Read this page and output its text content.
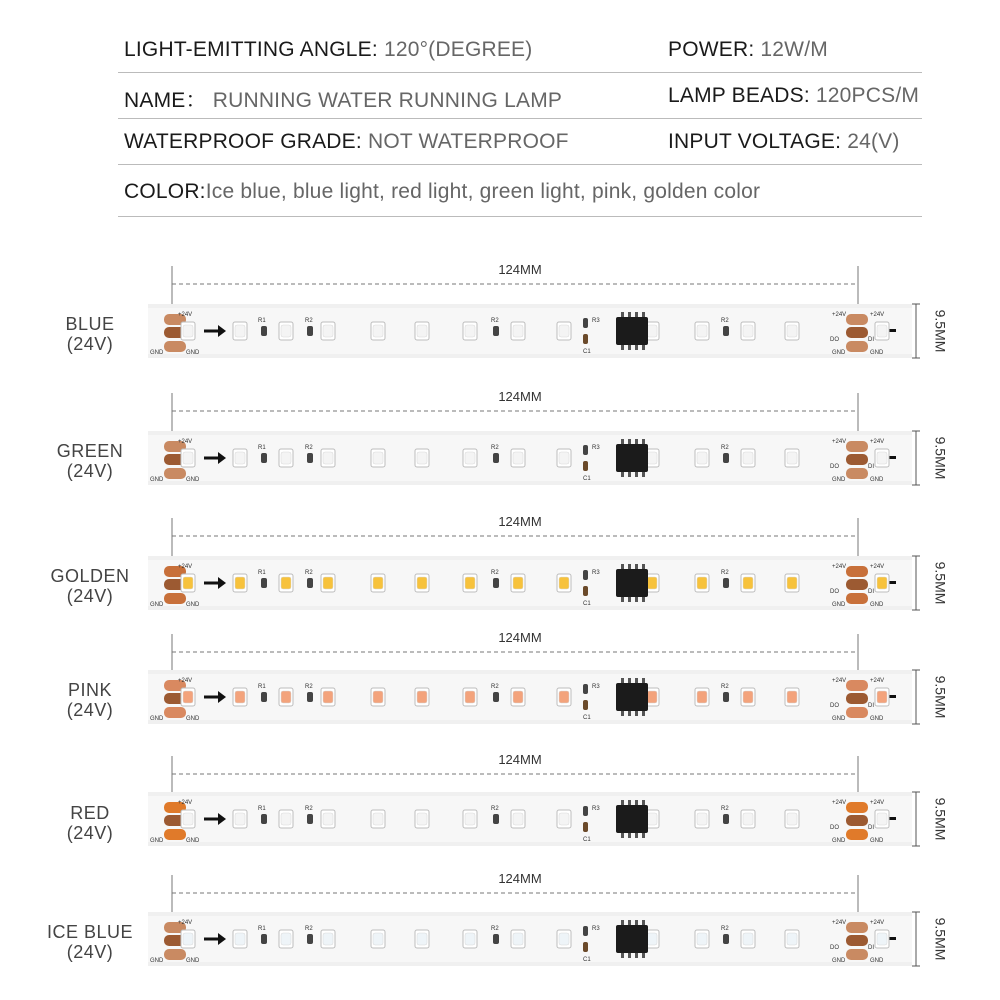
LIGHT-EMITTING ANGLE: 120°(DEGREE)	POWER: 12W/M
NAME： RUNNING WATER RUNNING LAMP	LAMP BEADS: 120PCS/M
WATERPROOF GRADE: NOT WATERPROOF	INPUT VOLTAGE: 24(V)
COLOR:Ice blue, blue light, red light, green light, pink, golden color
BLUE
(24V)
GREEN
(24V)
GOLDEN
(24V)
PINK
(24V)
RED
(24V)
ICE BLUE
(24V)
124MM
124MM
124MM
124MM
124MM
124MM
9.5MM
9.5MM
9.5MM
9.5MM
9.5MM
9.5MM
+24V
GND	GND
+24V	+24V
GND	GND
DO	DI
R1	R2	R2	R2
R3
C1
+24V
GND	GND
+24V	+24V
GND	GND
DO	DI
R1	R2	R2	R2
R3
C1
+24V
GND	GND
+24V	+24V
GND	GND
DO	DI
R1	R2	R2	R2
R3
C1
+24V
GND	GND
+24V	+24V
GND	GND
DO	DI
R1	R2	R2	R2
R3
C1
+24V
GND	GND
+24V	+24V
GND	GND
DO	DI
R1	R2	R2	R2
R3
C1
+24V
GND	GND
+24V	+24V
GND	GND
DO	DI
R1	R2	R2	R2
R3
C1
